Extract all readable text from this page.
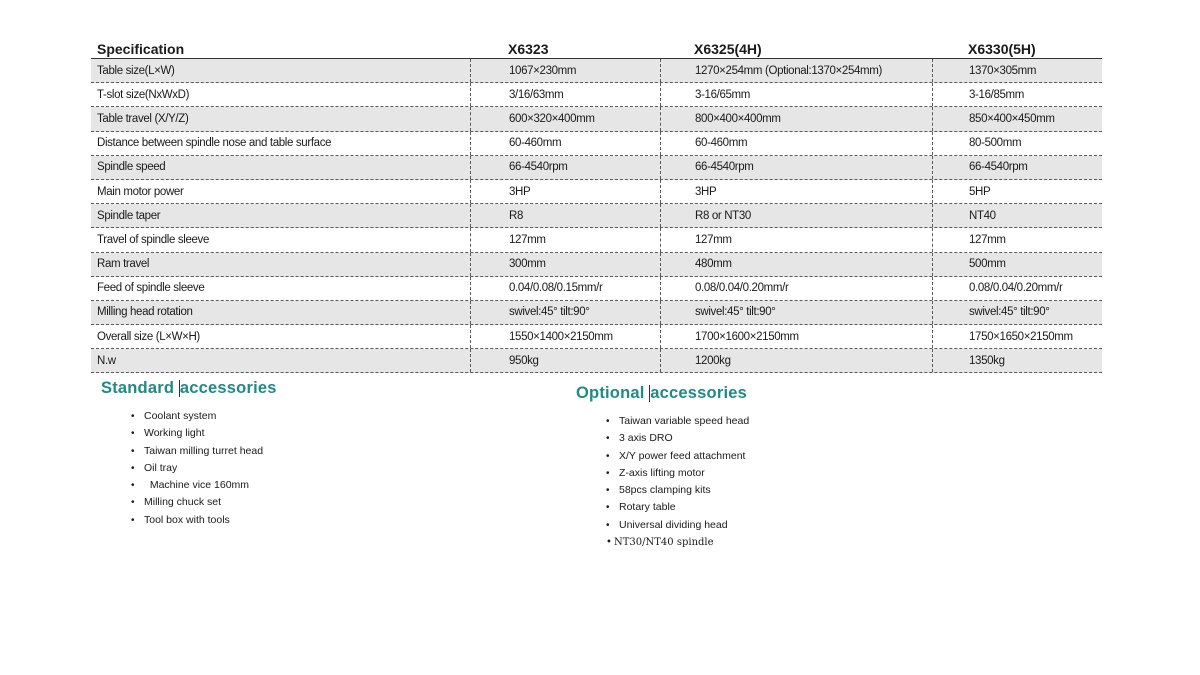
Specification	X6323	X6325(4H)	X6330(5H)
Table size(L×W)	1067×230mm	1270×254mm (Optional:1370×254mm)	1370×305mm
T-slot size(NxWxD)	3/16/63mm	3-16/65mm	3-16/85mm
Table travel (X/Y/Z)	600×320×400mm	800×400×400mm	850×400×450mm
Distance between spindle nose and table surface	60-460mm	60-460mm	80-500mm
Spindle speed	66-4540rpm	66-4540rpm	66-4540rpm
Main motor power	3HP	3HP	5HP
Spindle taper	R8	R8 or NT30	NT40
Travel of spindle sleeve	127mm	127mm	127mm
Ram travel	300mm	480mm	500mm
Feed of spindle sleeve	0.04/0.08/0.15mm/r	0.08/0.04/0.20mm/r	0.08/0.04/0.20mm/r
Milling head rotation	swivel:45° tilt:90°	swivel:45° tilt:90°	swivel:45° tilt:90°
Overall size (L×W×H)	1550×1400×2150mm	1700×1600×2150mm	1750×1650×2150mm
N.w	950kg	1200kg	1350kg
Standard accessories
• Coolant system
• Working light
• Taiwan milling turret head
• Oil tray
• Machine vice 160mm
• Milling chuck set
• Tool box with tools
Optional accessories
• Taiwan variable speed head
• 3 axis DRO
• X/Y power feed attachment
• Z-axis lifting motor
• 58pcs clamping kits
• Rotary table
• Universal dividing head
• NT30/NT40 spindle
